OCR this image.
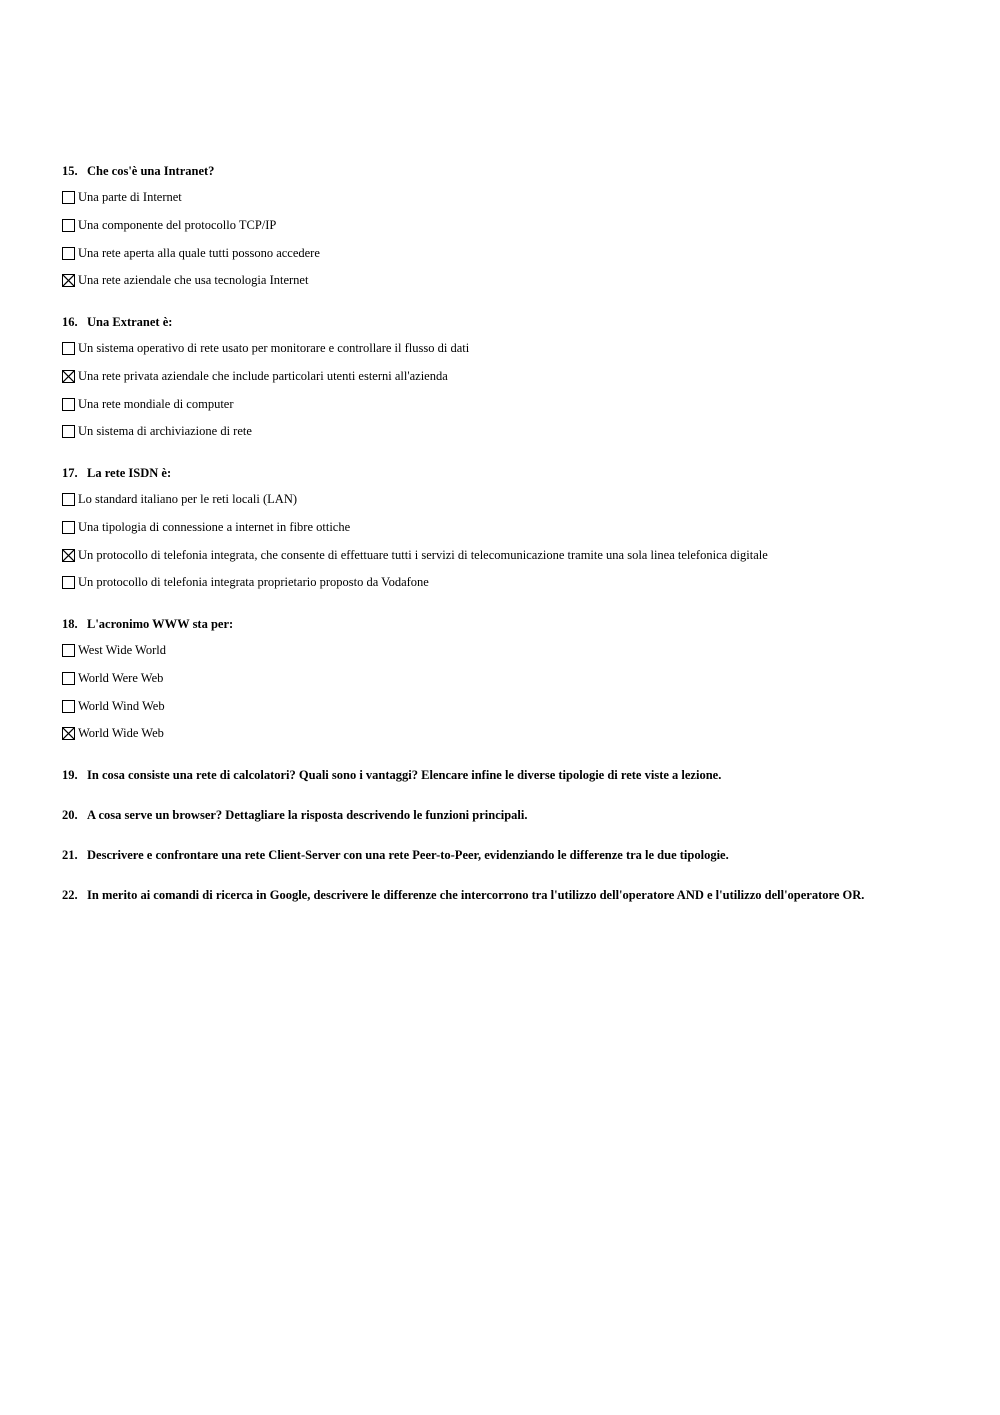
15. Che cos'è una Intranet?
Una parte di Internet
Una componente del protocollo TCP/IP
Una rete aperta alla quale tutti possono accedere
Una rete aziendale che usa tecnologia Internet
16. Una Extranet è:
Un sistema operativo di rete usato per monitorare e controllare il flusso di dati
Una rete privata aziendale che include particolari utenti esterni all'azienda
Una rete mondiale di computer
Un sistema di archiviazione di rete
17. La rete ISDN è:
Lo standard italiano per le reti locali (LAN)
Una tipologia di connessione a internet in fibre ottiche
Un protocollo di telefonia integrata, che consente di effettuare tutti i servizi di telecomunicazione tramite una sola linea telefonica digitale
Un protocollo di telefonia integrata proprietario proposto da Vodafone
18. L'acronimo WWW sta per:
West Wide World
World Were Web
World Wind Web
World Wide Web
19. In cosa consiste una rete di calcolatori? Quali sono i vantaggi? Elencare infine le diverse tipologie di rete viste a lezione.
20. A cosa serve un browser? Dettagliare la risposta descrivendo le funzioni principali.
21. Descrivere e confrontare una rete Client-Server con una rete Peer-to-Peer, evidenziando le differenze tra le due tipologie.
22. In merito ai comandi di ricerca in Google, descrivere le differenze che intercorrono tra l'utilizzo dell'operatore AND e l'utilizzo dell'operatore OR.
